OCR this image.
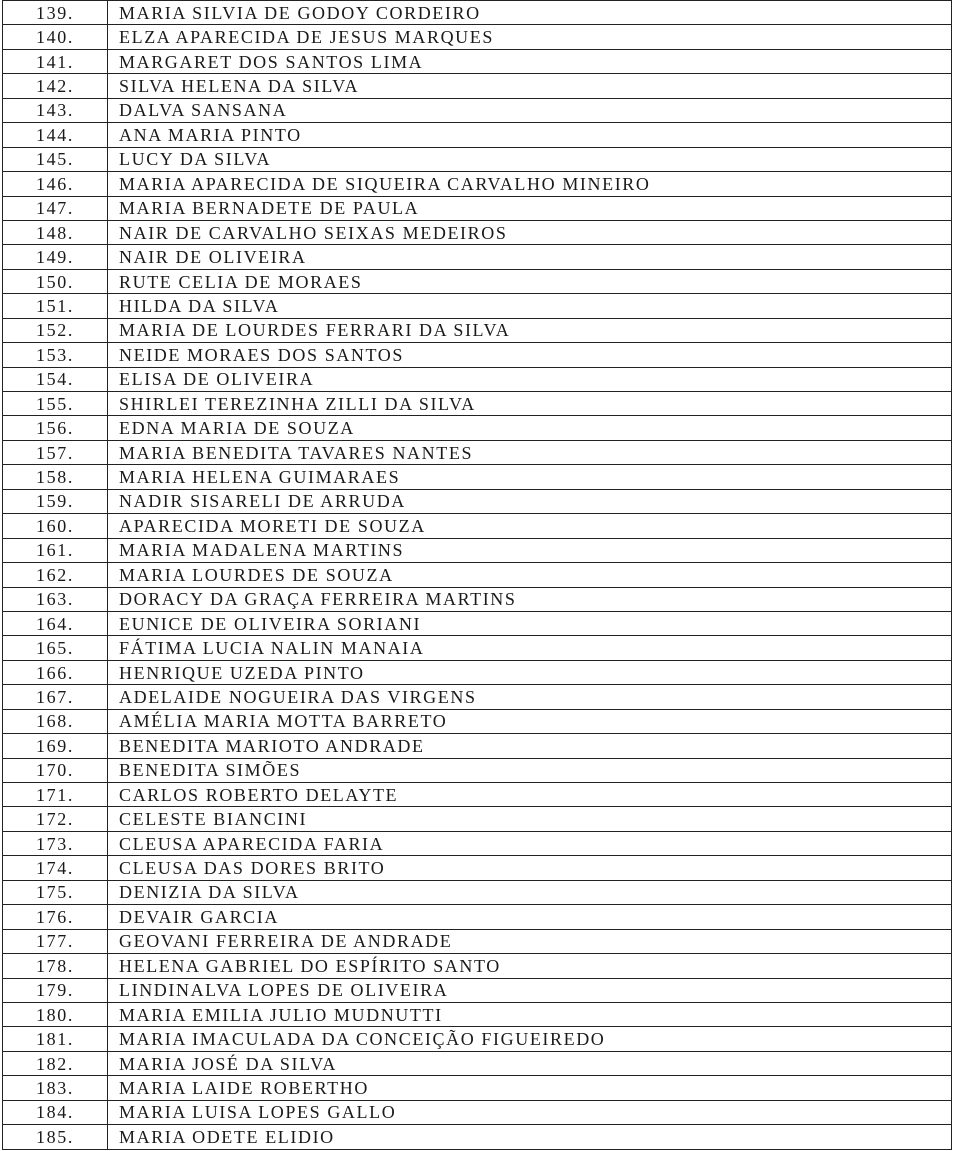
139.	MARIA SILVIA DE GODOY CORDEIRO
140.	ELZA APARECIDA DE JESUS MARQUES
141.	MARGARET DOS SANTOS LIMA
142.	SILVA HELENA DA SILVA
143.	DALVA SANSANA
144.	ANA MARIA PINTO
145.	LUCY DA SILVA
146.	MARIA APARECIDA DE SIQUEIRA CARVALHO MINEIRO
147.	MARIA BERNADETE DE PAULA
148.	NAIR DE CARVALHO SEIXAS MEDEIROS
149.	NAIR DE OLIVEIRA
150.	RUTE CELIA DE MORAES
151.	HILDA DA SILVA
152.	MARIA DE LOURDES FERRARI DA SILVA
153.	NEIDE MORAES DOS SANTOS
154.	ELISA DE OLIVEIRA
155.	SHIRLEI TEREZINHA ZILLI DA SILVA
156.	EDNA MARIA DE SOUZA
157.	MARIA BENEDITA TAVARES NANTES
158.	MARIA HELENA GUIMARAES
159.	NADIR SISARELI DE ARRUDA
160.	APARECIDA MORETI DE SOUZA
161.	MARIA MADALENA MARTINS
162.	MARIA LOURDES DE SOUZA
163.	DORACY DA GRAÇA FERREIRA MARTINS
164.	EUNICE DE OLIVEIRA SORIANI
165.	FÁTIMA LUCIA NALIN MANAIA
166.	HENRIQUE UZEDA PINTO
167.	ADELAIDE NOGUEIRA DAS VIRGENS
168.	AMÉLIA MARIA MOTTA BARRETO
169.	BENEDITA MARIOTO ANDRADE
170.	BENEDITA SIMÕES
171.	CARLOS ROBERTO DELAYTE
172.	CELESTE BIANCINI
173.	CLEUSA APARECIDA FARIA
174.	CLEUSA DAS DORES BRITO
175.	DENIZIA DA SILVA
176.	DEVAIR GARCIA
177.	GEOVANI FERREIRA DE ANDRADE
178.	HELENA GABRIEL DO ESPÍRITO SANTO
179.	LINDINALVA LOPES DE OLIVEIRA
180.	MARIA EMILIA JULIO MUDNUTTI
181.	MARIA IMACULADA DA CONCEIÇÃO FIGUEIREDO
182.	MARIA JOSÉ DA SILVA
183.	MARIA LAIDE ROBERTHO
184.	MARIA LUISA LOPES GALLO
185.	MARIA ODETE ELIDIO
